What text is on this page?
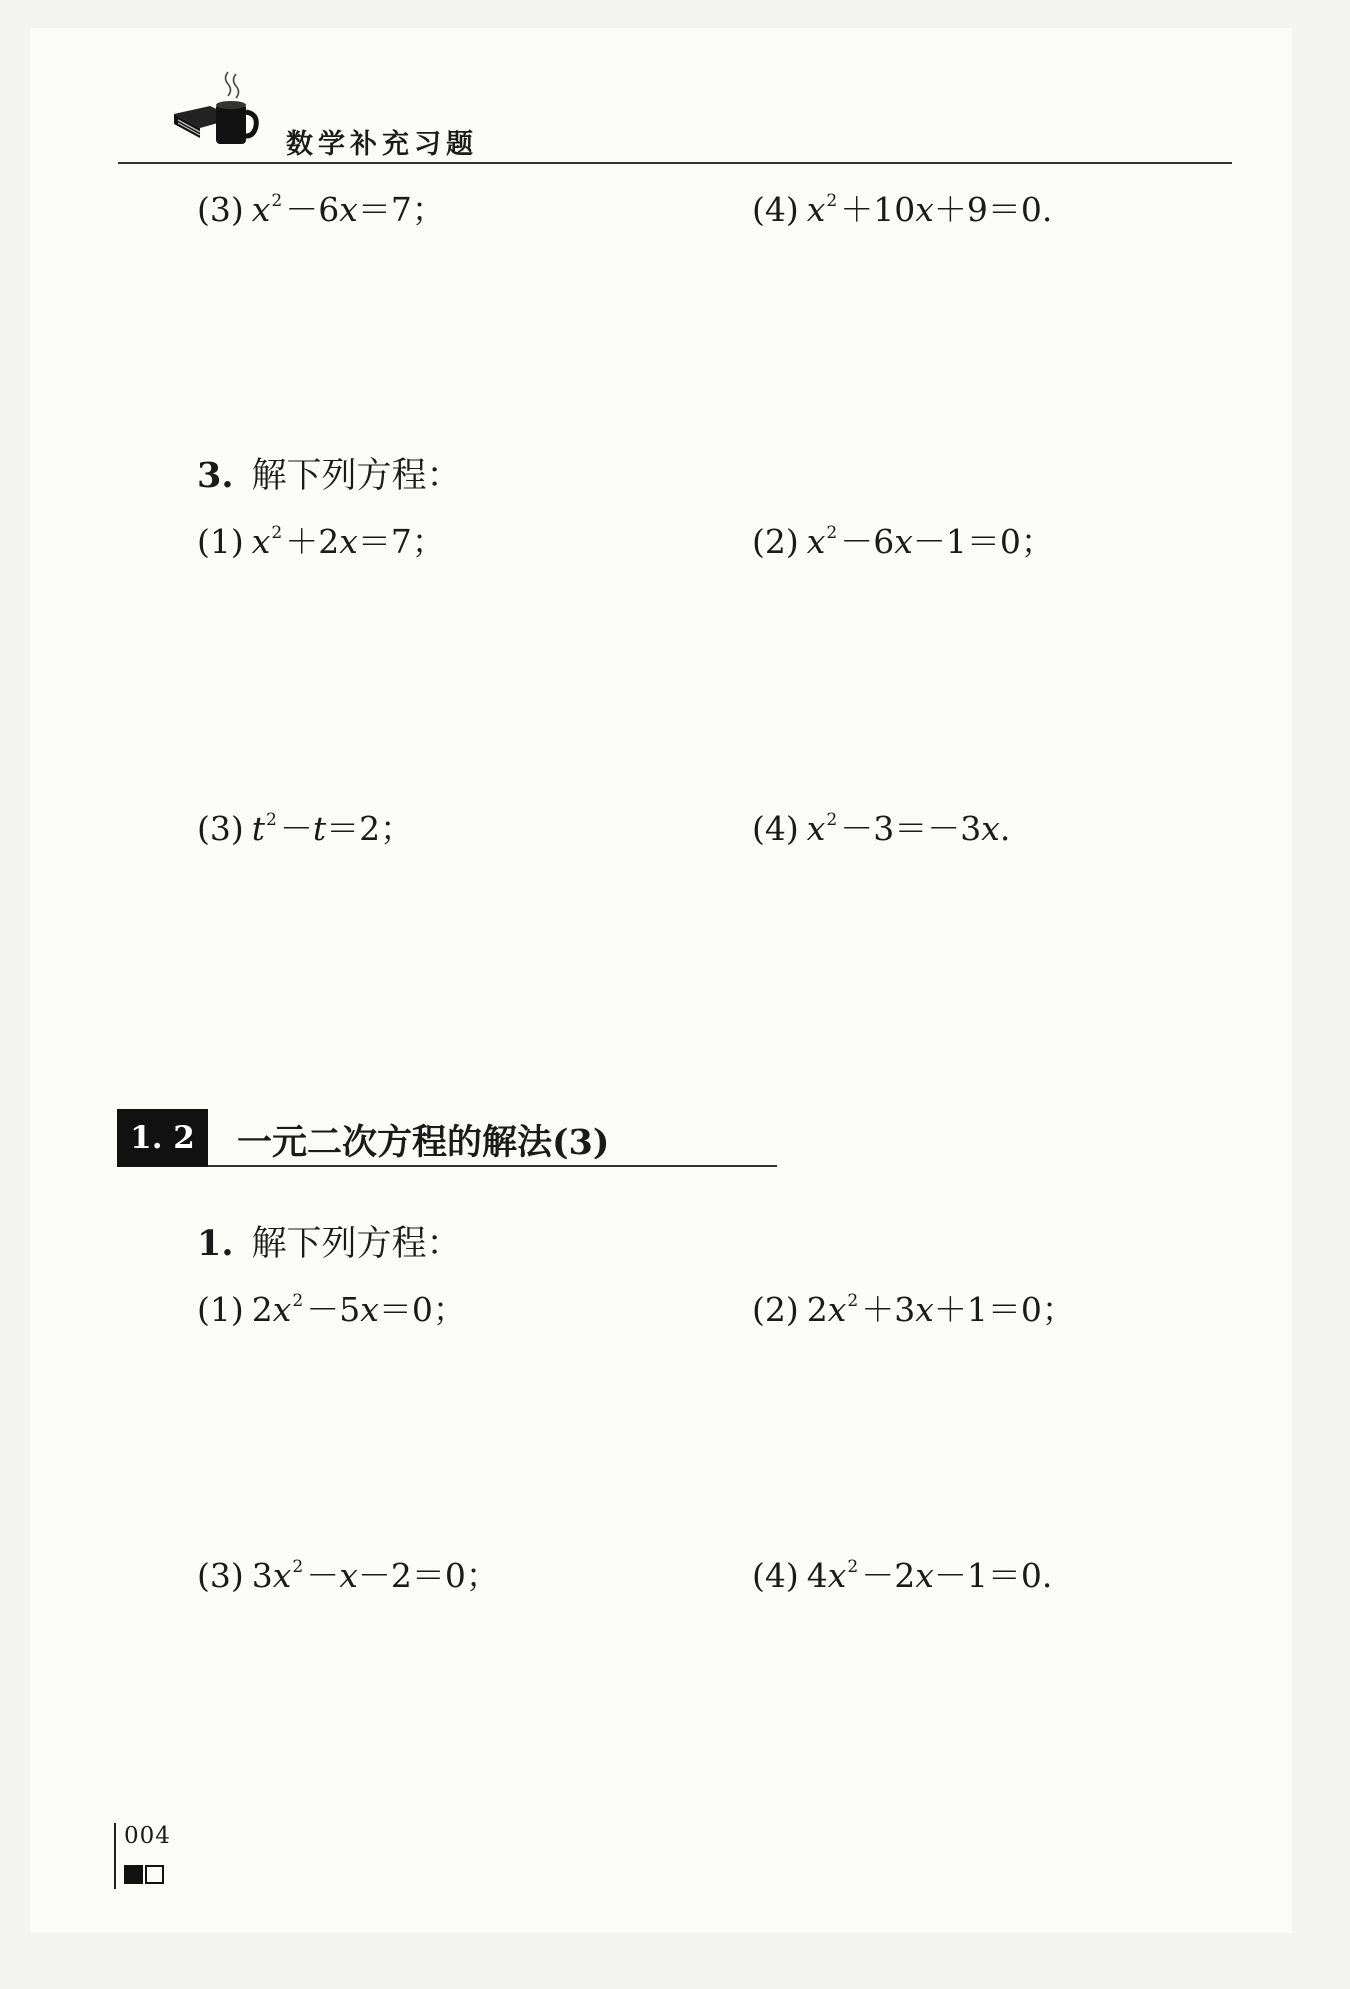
数学补充习题
(3) $x^2-6x=7$；	(4) $x^2+10x+9=0$.
3. 解下列方程：
(1) $x^2+2x=7$；	(2) $x^2-6x-1=0$；
(3) $t^2-t=2$；	(4) $x^2-3=-3x$.
1. 2	一元二次方程的解法(3)
1. 解下列方程：
(1) $2x^2-5x=0$；	(2) $2x^2+3x+1=0$；
(3) $3x^2-x-2=0$；	(4) $4x^2-2x-1=0$.
004
